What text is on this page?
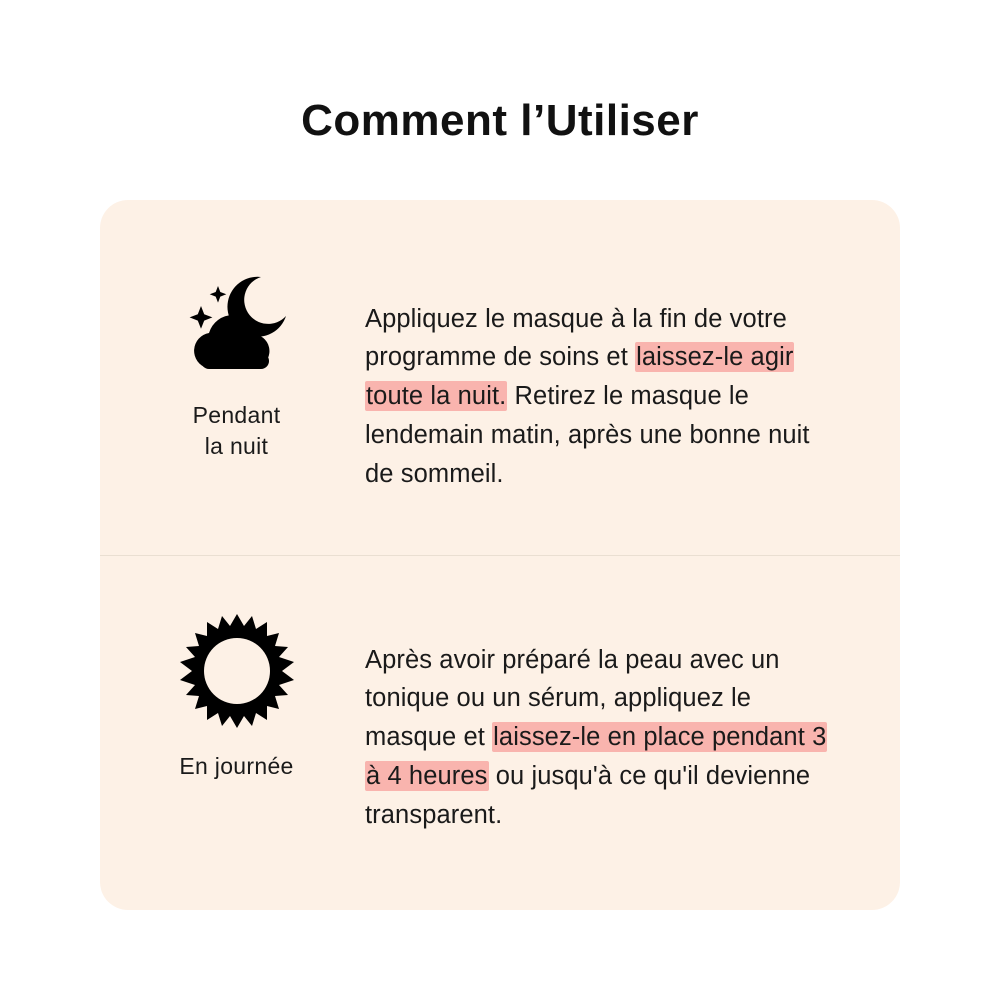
Comment l’Utiliser
Pendant
la nuit

Appliquez le masque à la fin de votre programme de soins et laissez-le agir toute la nuit. Retirez le masque le lendemain matin, après une bonne nuit de sommeil.

En journée

Après avoir préparé la peau avec un tonique ou un sérum, appliquez le masque et laissez-le en place pendant 3 à 4 heures ou jusqu'à ce qu'il devienne transparent.
